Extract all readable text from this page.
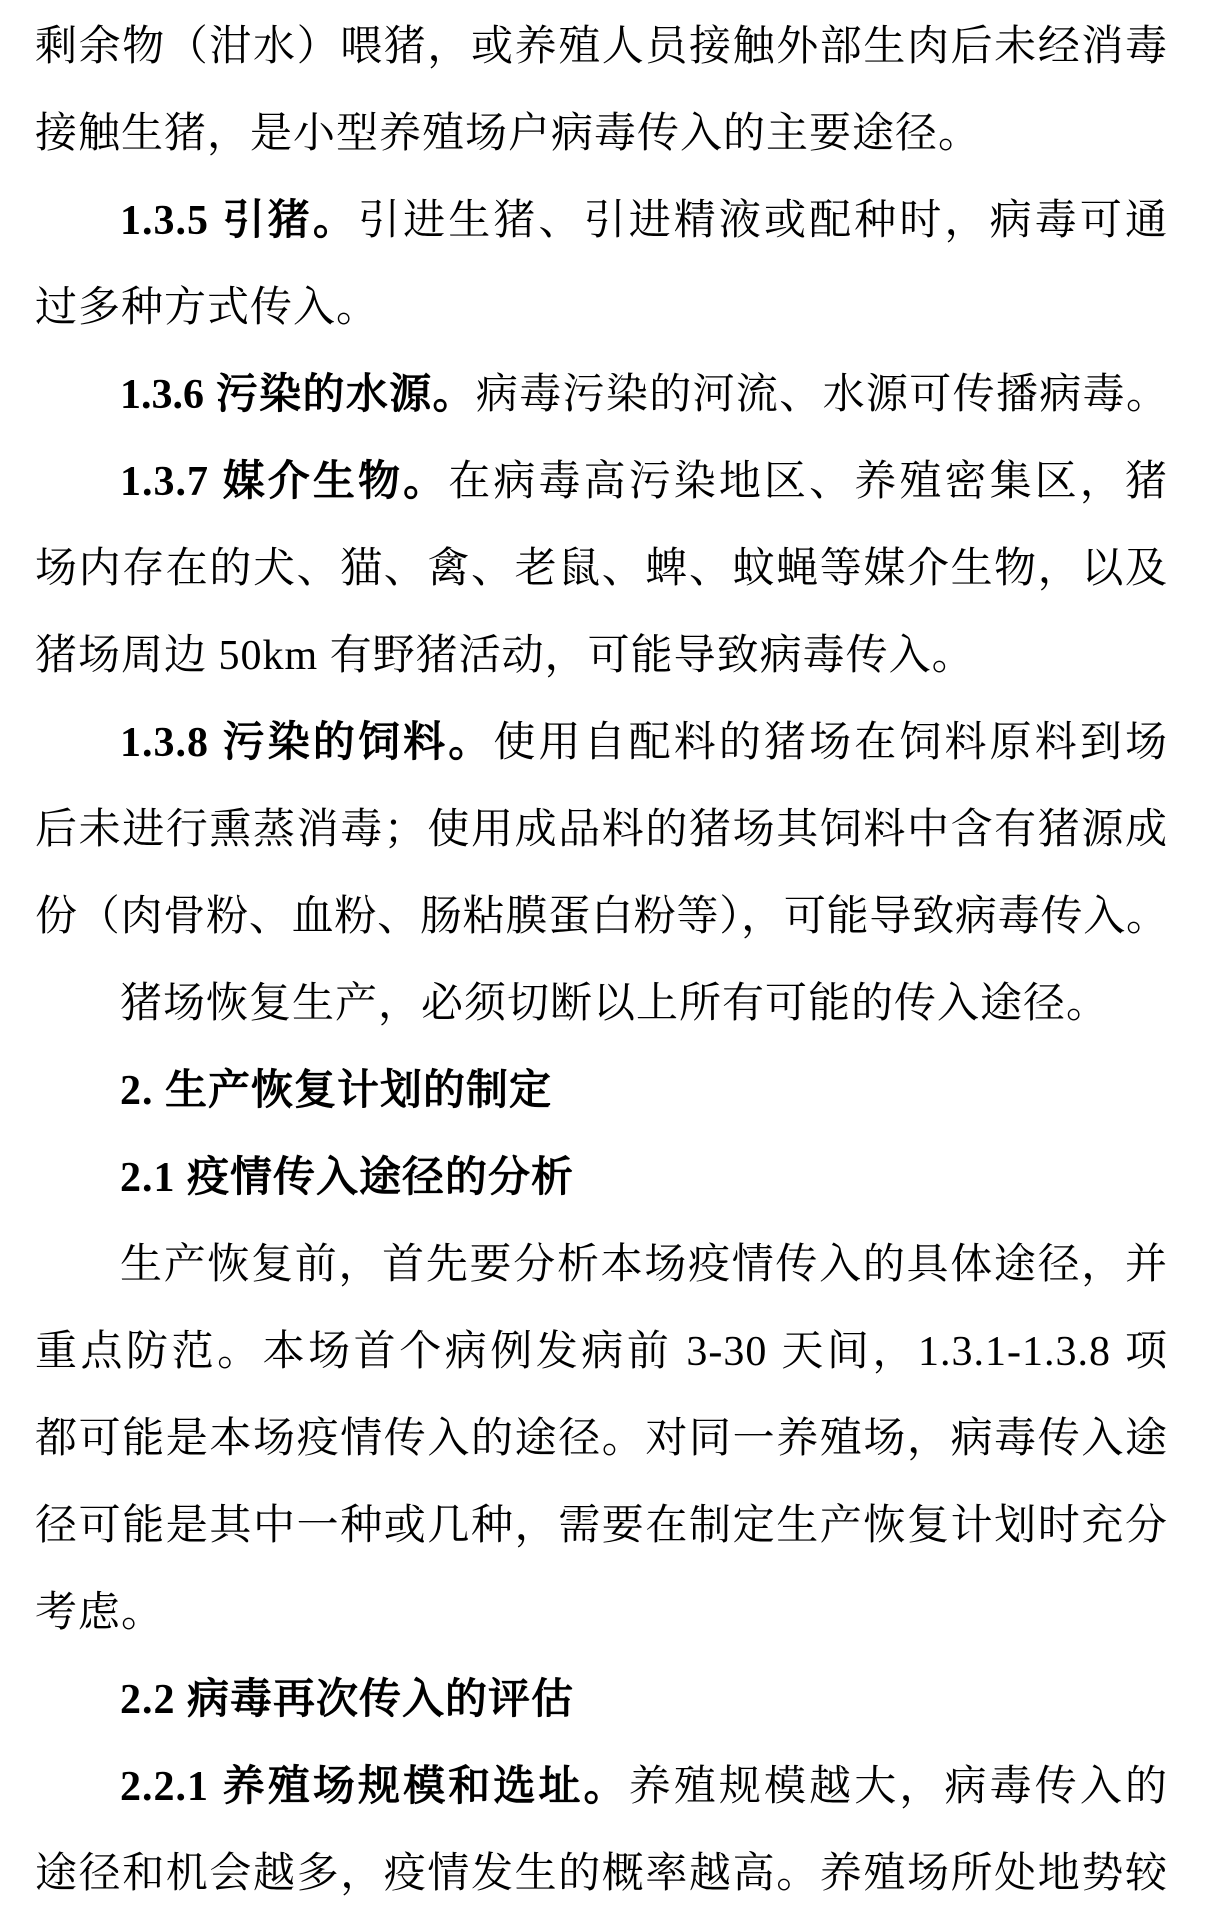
剩余物（泔水）喂猪，或养殖人员接触外部生肉后未经消毒
接触生猪，是小型养殖场户病毒传入的主要途径。
1.3.5 引猪。引进生猪、引进精液或配种时，病毒可通
过多种方式传入。
1.3.6 污染的水源。病毒污染的河流、水源可传播病毒。
1.3.7 媒介生物。在病毒高污染地区、养殖密集区，猪
场内存在的犬、猫、禽、老鼠、蜱、蚊蝇等媒介生物，以及
猪场周边 50km 有野猪活动，可能导致病毒传入。
1.3.8 污染的饲料。使用自配料的猪场在饲料原料到场
后未进行熏蒸消毒；使用成品料的猪场其饲料中含有猪源成
份（肉骨粉、血粉、肠粘膜蛋白粉等），可能导致病毒传入。
猪场恢复生产，必须切断以上所有可能的传入途径。
2. 生产恢复计划的制定
2.1 疫情传入途径的分析
生产恢复前，首先要分析本场疫情传入的具体途径，并
重点防范。本场首个病例发病前 3-30 天间，1.3.1-1.3.8 项
都可能是本场疫情传入的途径。对同一养殖场，病毒传入途
径可能是其中一种或几种，需要在制定生产恢复计划时充分
考虑。
2.2 病毒再次传入的评估
2.2.1 养殖场规模和选址。养殖规模越大，病毒传入的
途径和机会越多，疫情发生的概率越高。养殖场所处地势较
